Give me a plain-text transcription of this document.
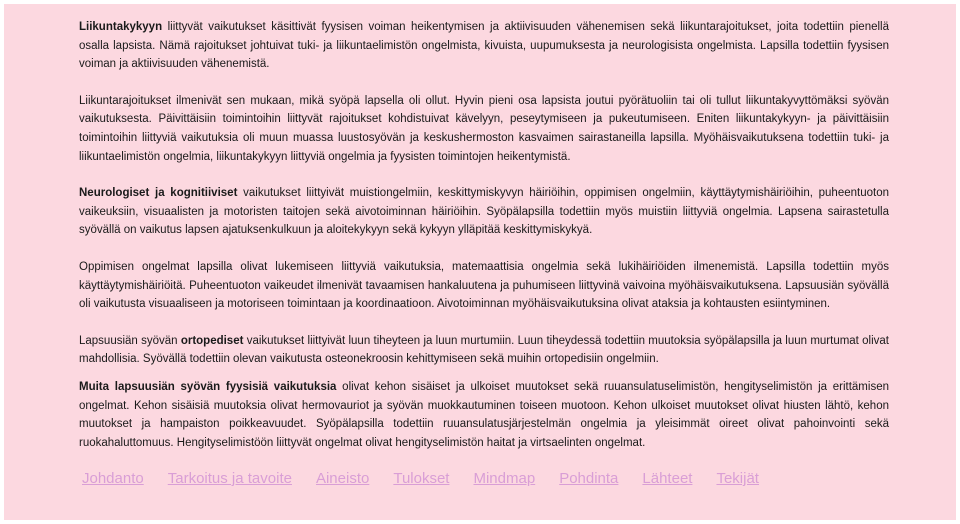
Liikuntakykyyn liittyvät vaikutukset käsittivät fyysisen voiman heikentymisen ja aktiivisuuden vähenemisen sekä liikuntarajoitukset, joita todettiin pienellä osalla lapsista. Nämä rajoitukset johtuivat tuki- ja liikuntaelimistön ongelmista, kivuista, uupumuksesta ja neurologisista ongelmista. Lapsilla todettiin fyysisen voiman ja aktiivisuuden vähenemistä.

Liikuntarajoitukset ilmenivät sen mukaan, mikä syöpä lapsella oli ollut. Hyvin pieni osa lapsista joutui pyörätuoliin tai oli tullut liikuntakyvyttömäksi syövän vaikutuksesta. Päivittäisiin toimintoihin liittyvät rajoitukset kohdistuivat kävelyyn, peseytymiseen ja pukeutumiseen. Eniten liikuntakykyyn- ja päivittäisiin toimintoihin liittyviä vaikutuksia oli muun muassa luustosyövän ja keskushermoston kasvaimen sairastaneilla lapsilla. Myöhäisvaikutuksena todettiin tuki- ja liikuntaelimistön ongelmia, liikuntakykyyn liittyviä ongelmia ja fyysisten toimintojen heikentymistä.

Neurologiset ja kognitiiviset vaikutukset liittyivät muistiongelmiin, keskittymiskyvyn häiriöihin, oppimisen ongelmiin, käyttäytymishäiriöihin, puheentuoton vaikeuksiin, visuaalisten ja motoristen taitojen sekä aivotoiminnan häiriöihin. Syöpälapsilla todettiin myös muistiin liittyviä ongelmia. Lapsena sairastetulla syövällä on vaikutus lapsen ajatuksenkulkuun ja aloitekykyyn sekä kykyyn ylläpitää keskittymiskykyä.

Oppimisen ongelmat lapsilla olivat lukemiseen liittyviä vaikutuksia, matemaattisia ongelmia sekä lukihäiriöiden ilmenemistä. Lapsilla todettiin myös käyttäytymishäiriöitä. Puheentuoton vaikeudet ilmenivät tavaamisen hankaluutena ja puhumiseen liittyvinä vaivoina myöhäisvaikutuksena. Lapsuusiän syövällä oli vaikutusta visuaaliseen ja motoriseen toimintaan ja koordinaatioon. Aivotoiminnan myöhäisvaikutuksina olivat ataksia ja kohtausten esiintyminen.

Lapsuusiän syövän ortopediset vaikutukset liittyivät luun tiheyteen ja luun murtumiin. Luun tiheydessä todettiin muutoksia syöpälapsilla ja luun murtumat olivat mahdollisia. Syövällä todettiin olevan vaikutusta osteonekroosin kehittymiseen sekä muihin ortopedisiin ongelmiin.

Muita lapsuusiän syövän fyysisiä vaikutuksia olivat kehon sisäiset ja ulkoiset muutokset sekä ruuansulatuselimistön, hengityselimistön ja erittämisen ongelmat. Kehon sisäisiä muutoksia olivat hermovauriot ja syövän muokkautuminen toiseen muotoon. Kehon ulkoiset muutokset olivat hiusten lähtö, kehon muutokset ja hampaiston poikkeavuudet. Syöpälapsilla todettiin ruuansulatusjärjestelmän ongelmia ja yleisimmät oireet olivat pahoinvointi sekä ruokahaluttomuus. Hengityselimistöön liittyvät ongelmat olivat hengityselimistön haitat ja virtsaelinten ongelmat.

Johdanto Tarkoitus ja tavoite Aineisto Tulokset Mindmap Pohdinta Lähteet Tekijät
